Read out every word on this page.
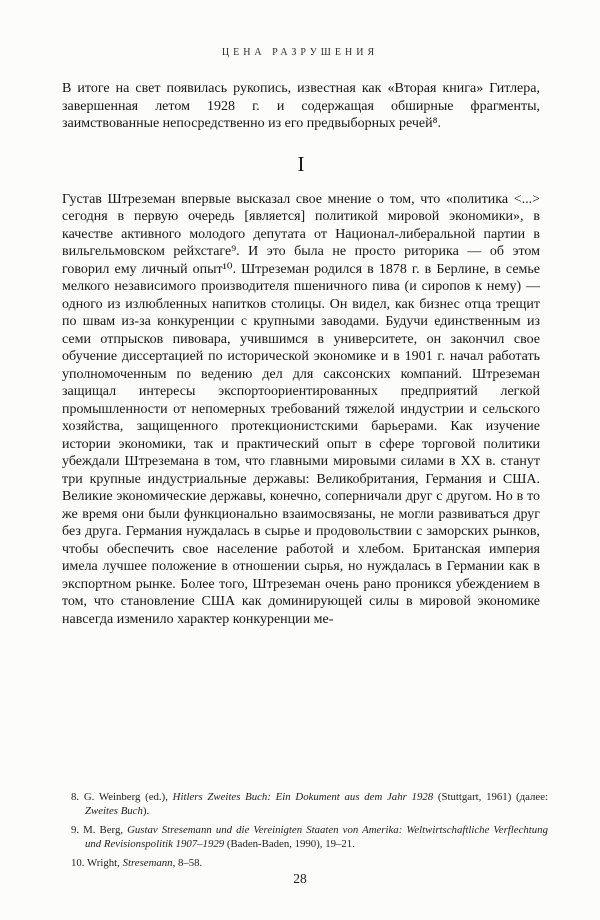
ЦЕНА РАЗРУШЕНИЯ

В итоге на свет появилась рукопись, известная как «Вторая книга» Гитлера, завершенная летом 1928 г. и содержащая обширные фрагменты, заимствованные непосредственно из его предвыборных речей⁸.

I

Густав Штреземан впервые высказал свое мнение о том, что «политика <...> сегодня в первую очередь [является] политикой мировой экономики», в качестве активного молодого депутата от Национал-либеральной партии в вильгельмовском рейхстаге⁹. И это была не просто риторика — об этом говорил ему личный опыт¹⁰. Штреземан родился в 1878 г. в Берлине, в семье мелкого независимого производителя пшеничного пива (и сиропов к нему) — одного из излюбленных напитков столицы. Он видел, как бизнес отца трещит по швам из-за конкуренции с крупными заводами. Будучи единственным из семи отпрысков пивовара, учившимся в университете, он закончил свое обучение диссертацией по исторической экономике и в 1901 г. начал работать уполномоченным по ведению дел для саксонских компаний. Штреземан защищал интересы экспортоориентированных предприятий легкой промышленности от непомерных требований тяжелой индустрии и сельского хозяйства, защищенного протекционистскими барьерами. Как изучение истории экономики, так и практический опыт в сфере торговой политики убеждали Штреземана в том, что главными мировыми силами в XX в. станут три крупные индустриальные державы: Великобритания, Германия и США. Великие экономические державы, конечно, соперничали друг с другом. Но в то же время они были функционально взаимосвязаны, не могли развиваться друг без друга. Германия нуждалась в сырье и продовольствии с заморских рынков, чтобы обеспечить свое население работой и хлебом. Британская империя имела лучшее положение в отношении сырья, но нуждалась в Германии как в экспортном рынке. Более того, Штреземан очень рано проникся убеждением в том, что становление США как доминирующей силы в мировой экономике навсегда изменило характер конкуренции ме-

8. G. Weinberg (ed.), Hitlers Zweites Buch: Ein Dokument aus dem Jahr 1928 (Stuttgart, 1961) (далее: Zweites Buch).

9. M. Berg, Gustav Stresemann und die Vereinigten Staaten von Amerika: Weltwirtschaftliche Verflechtung und Revisionspolitik 1907–1929 (Baden-Baden, 1990), 19–21.

10. Wright, Stresemann, 8–58.

28
